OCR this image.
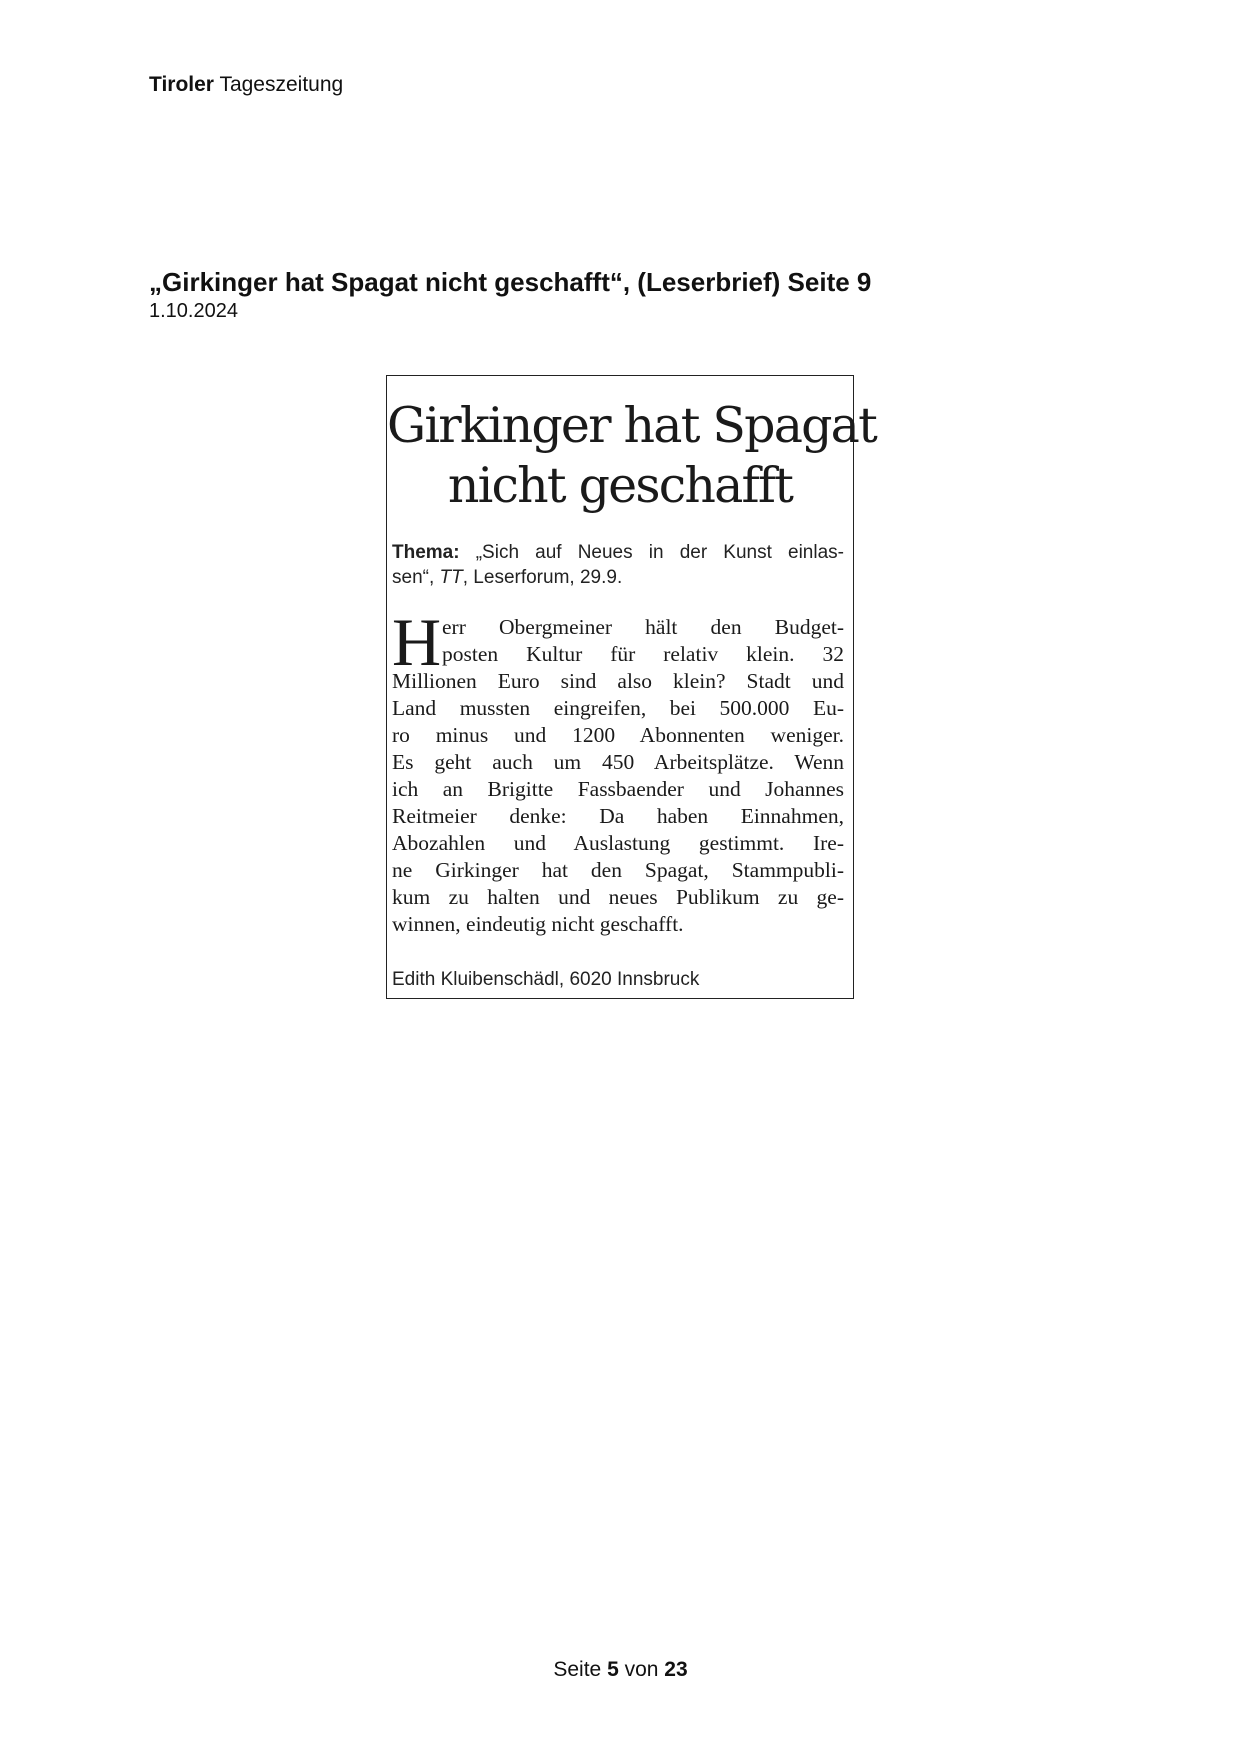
Tiroler Tageszeitung
„Girkinger hat Spagat nicht geschafft“, (Leserbrief) Seite 9
1.10.2024
Girkinger hat Spagat
nicht geschafft
Thema: „Sich auf Neues in der Kunst einlas-
sen“, TT, Leserforum, 29.9.
H err Obergmeiner hält den Budget-
posten Kultur für relativ klein. 32
Millionen Euro sind also klein? Stadt und
Land mussten eingreifen, bei 500.000 Eu-
ro minus und 1200 Abonnenten weniger.
Es geht auch um 450 Arbeitsplätze. Wenn
ich an Brigitte Fassbaender und Johannes
Reitmeier denke: Da haben Einnahmen,
Abozahlen und Auslastung gestimmt. Ire-
ne Girkinger hat den Spagat, Stammpubli-
kum zu halten und neues Publikum zu ge-
winnen, eindeutig nicht geschafft.
Edith Kluibenschädl, 6020 Innsbruck
Seite 5 von 23
